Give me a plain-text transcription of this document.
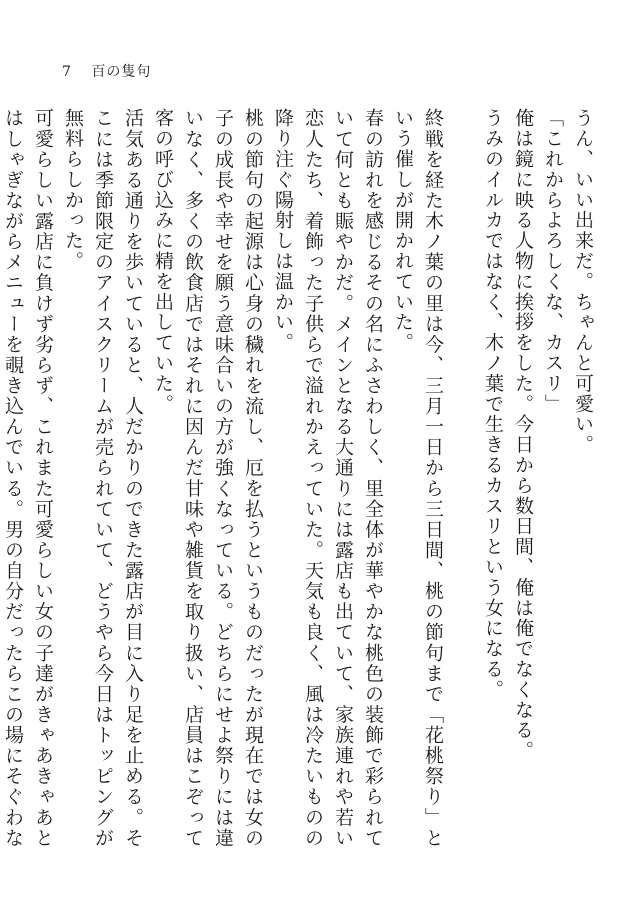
7 百の隻句

うん、いい出来だ。ちゃんと可愛い。

「これからよろしくな、カスリ」

俺は鏡に映る人物に挨拶をした。今日から数日間、俺は俺でなくなる。

うみのイルカではなく、木ノ葉で生きるカスリという女になる。

終戦を経た木ノ葉の里は今、三月一日から三日間、桃の節句まで「花桃祭り」という催しが開かれていた。

春の訪れを感じるその名にふさわしく、里全体が華やかな桃色の装飾で彩られていて何とも賑やかだ。メインとなる大通りには露店も出ていて、家族連れや若い恋人たち、着飾った子供らで溢れかえっていた。天気も良く、風は冷たいものの降り注ぐ陽射しは温かい。

桃の節句の起源は心身の穢れを流し、厄を払うというものだったが現在では女の子の成長や幸せを願う意味合いの方が強くなっている。どちらにせよ祭りには違いなく、多くの飲食店ではそれに因んだ甘味や雑貨を取り扱い、店員はこぞって客の呼び込みに精を出していた。

活気ある通りを歩いていると、人だかりのできた露店が目に入り足を止める。そこには季節限定のアイスクリームが売られていて、どうやら今日はトッピングが無料らしかった。

可愛らしい露店に負けず劣らず、これまた可愛らしい女の子達がきゃあきゃあとはしゃぎながらメニューを覗き込んでいる。男の自分だったらこの場にそぐわな
